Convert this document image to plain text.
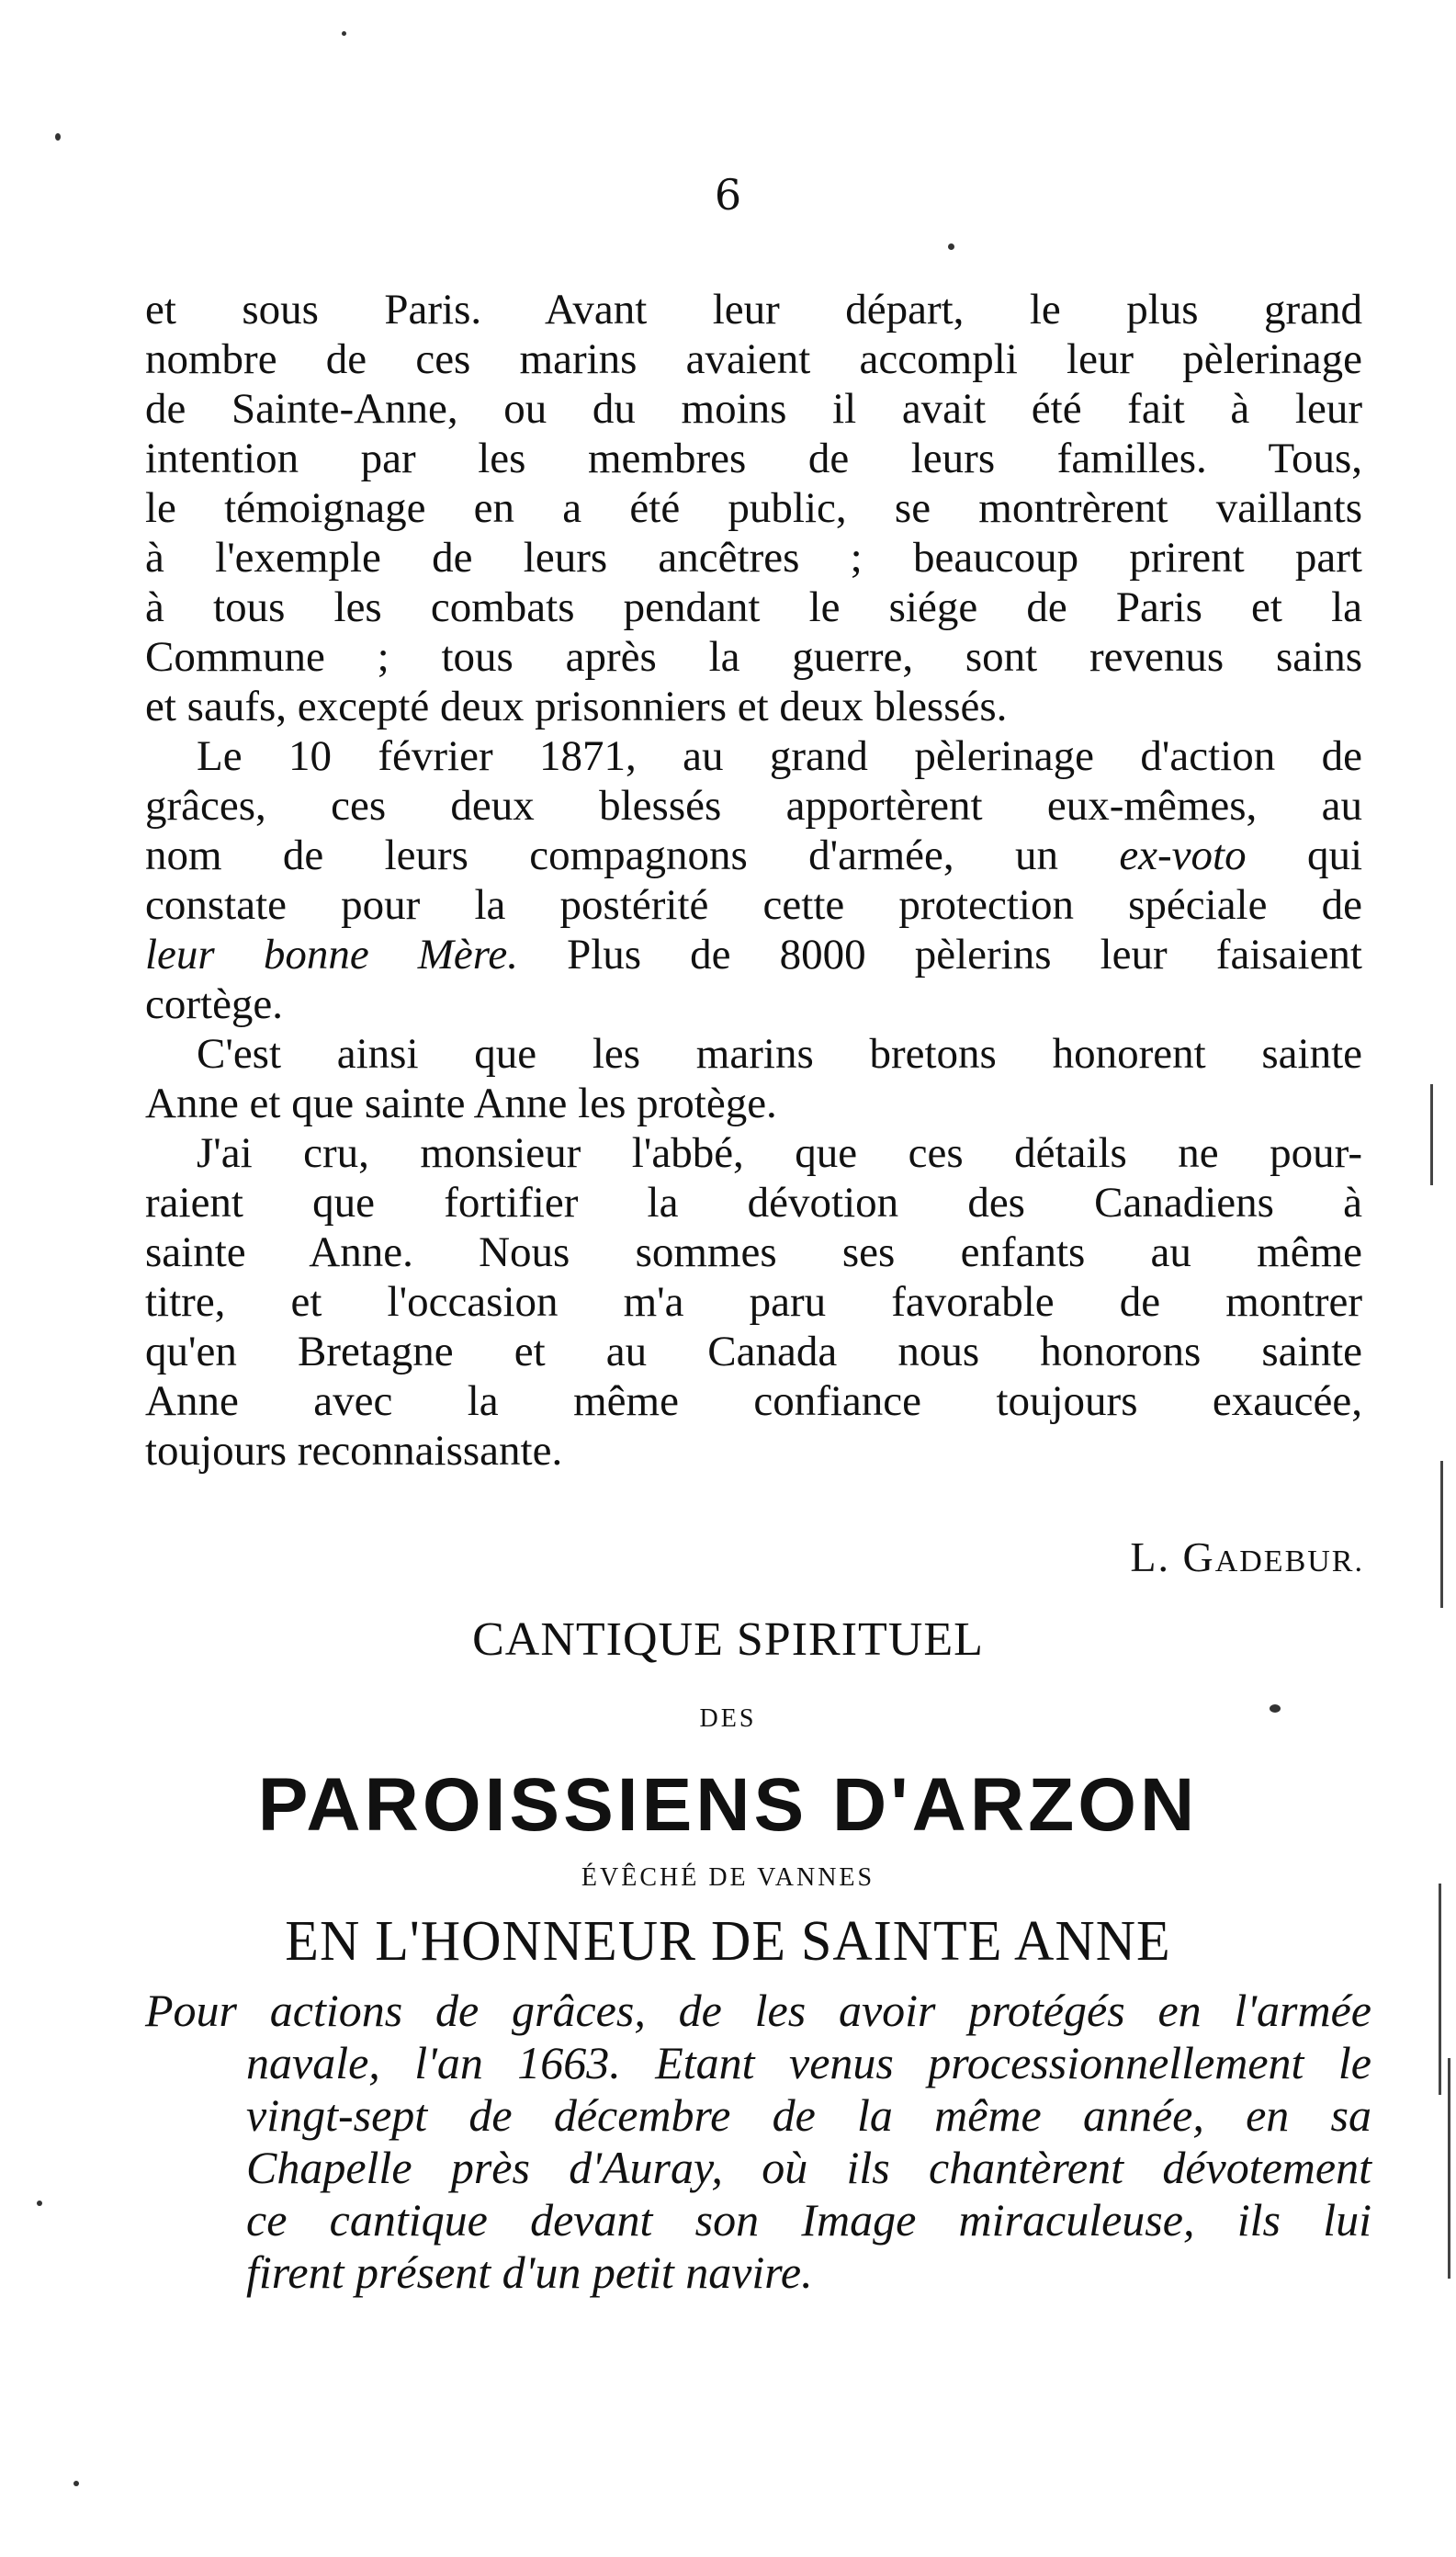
6
et sous Paris. Avant leur départ, le plus grand
nombre de ces marins avaient accompli leur pèlerinage
de Sainte-Anne, ou du moins il avait été fait à leur
intention par les membres de leurs familles. Tous,
le témoignage en a été public, se montrèrent vaillants
à l'exemple de leurs ancêtres ; beaucoup prirent part
à tous les combats pendant le siége de Paris et la
Commune ; tous après la guerre, sont revenus sains
et saufs, excepté deux prisonniers et deux blessés.
Le 10 février 1871, au grand pèlerinage d'action de
grâces, ces deux blessés apportèrent eux-mêmes, au
nom de leurs compagnons d'armée, un ex-voto qui
constate pour la postérité cette protection spéciale de
leur bonne Mère. Plus de 8000 pèlerins leur faisaient
cortège.
C'est ainsi que les marins bretons honorent sainte
Anne et que sainte Anne les protège.
J'ai cru, monsieur l'abbé, que ces détails ne pour-
raient que fortifier la dévotion des Canadiens à
sainte Anne. Nous sommes ses enfants au même
titre, et l'occasion m'a paru favorable de montrer
qu'en Bretagne et au Canada nous honorons sainte
Anne avec la même confiance toujours exaucée,
toujours reconnaissante.
L. GADEBUR.
CANTIQUE SPIRITUEL
DES
PAROISSIENS D'ARZON
ÉVÊCHÉ DE VANNES
EN L'HONNEUR DE SAINTE ANNE
Pour actions de grâces, de les avoir protégés en l'armée
navale, l'an 1663. Etant venus processionnellement le
vingt-sept de décembre de la même année, en sa
Chapelle près d'Auray, où ils chantèrent dévotement
ce cantique devant son Image miraculeuse, ils lui
firent présent d'un petit navire.
